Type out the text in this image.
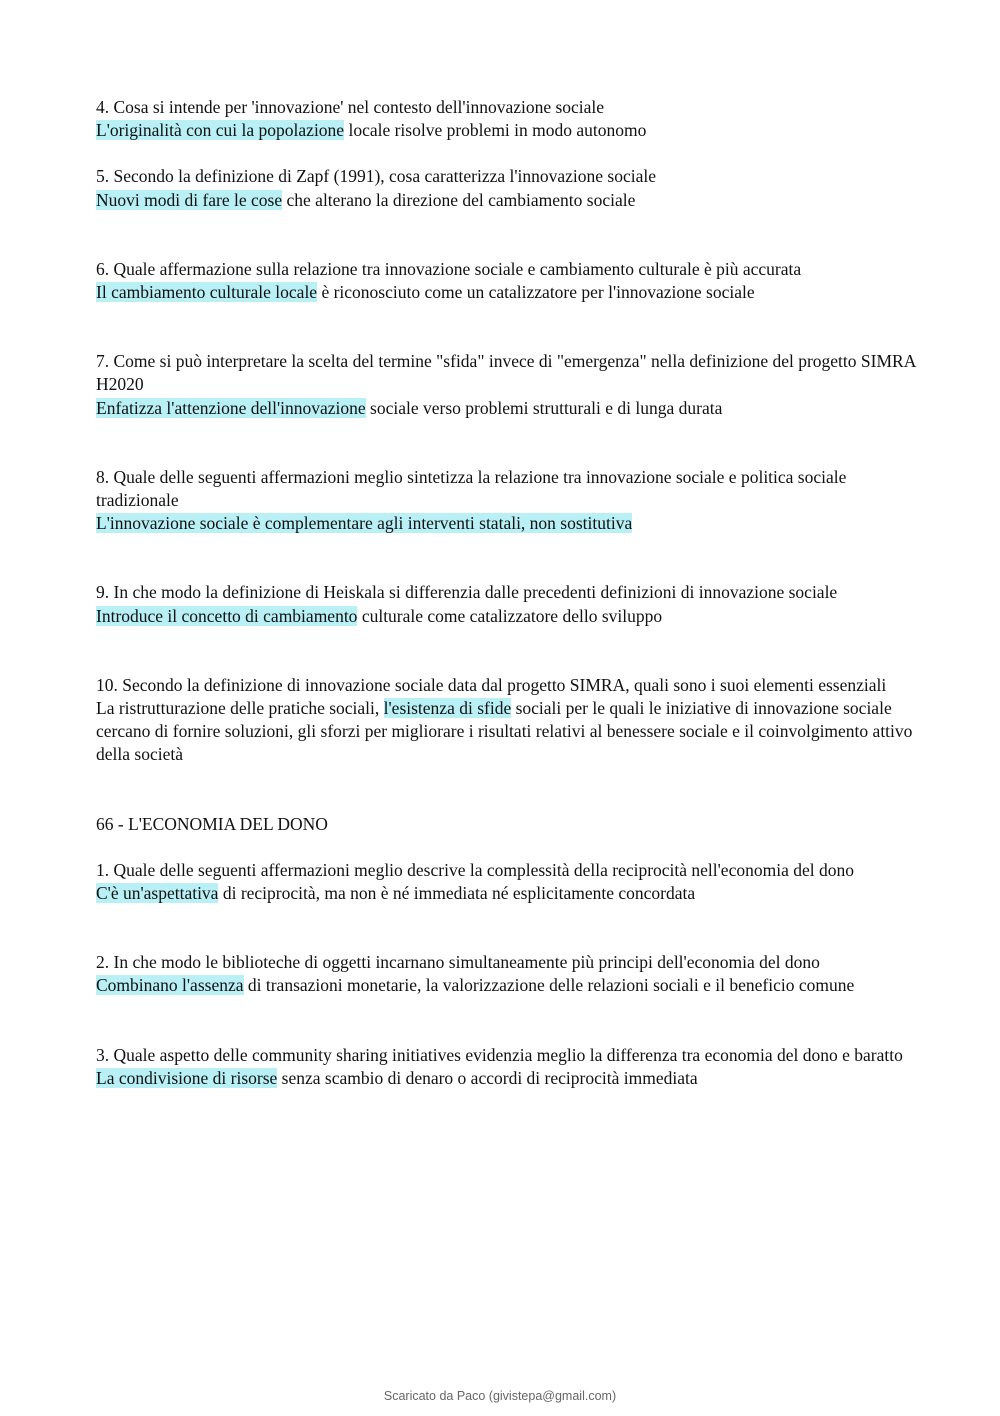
4. Cosa si intende per 'innovazione' nel contesto dell'innovazione sociale
L'originalità con cui la popolazione locale risolve problemi in modo autonomo
5. Secondo la definizione di Zapf (1991), cosa caratterizza l'innovazione sociale
Nuovi modi di fare le cose che alterano la direzione del cambiamento sociale
6. Quale affermazione sulla relazione tra innovazione sociale e cambiamento culturale è più accurata
Il cambiamento culturale locale è riconosciuto come un catalizzatore per l'innovazione sociale
7. Come si può interpretare la scelta del termine "sfida" invece di "emergenza" nella definizione del progetto SIMRA H2020
Enfatizza l'attenzione dell'innovazione sociale verso problemi strutturali e di lunga durata
8. Quale delle seguenti affermazioni meglio sintetizza la relazione tra innovazione sociale e politica sociale tradizionale
L'innovazione sociale è complementare agli interventi statali, non sostitutiva
9. In che modo la definizione di Heiskala si differenzia dalle precedenti definizioni di innovazione sociale
Introduce il concetto di cambiamento culturale come catalizzatore dello sviluppo
10. Secondo la definizione di innovazione sociale data dal progetto SIMRA, quali sono i suoi elementi essenziali
La ristrutturazione delle pratiche sociali, l'esistenza di sfide sociali per le quali le iniziative di innovazione sociale cercano di fornire soluzioni, gli sforzi per migliorare i risultati relativi al benessere sociale e il coinvolgimento attivo della società
66 - L'ECONOMIA DEL DONO
1. Quale delle seguenti affermazioni meglio descrive la complessità della reciprocità nell'economia del dono
C'è un'aspettativa di reciprocità, ma non è né immediata né esplicitamente concordata
2. In che modo le biblioteche di oggetti incarnano simultaneamente più principi dell'economia del dono
Combinano l'assenza di transazioni monetarie, la valorizzazione delle relazioni sociali e il beneficio comune
3. Quale aspetto delle community sharing initiatives evidenzia meglio la differenza tra economia del dono e baratto
La condivisione di risorse senza scambio di denaro o accordi di reciprocità immediata
Scaricato da Paco (givistepa@gmail.com)
